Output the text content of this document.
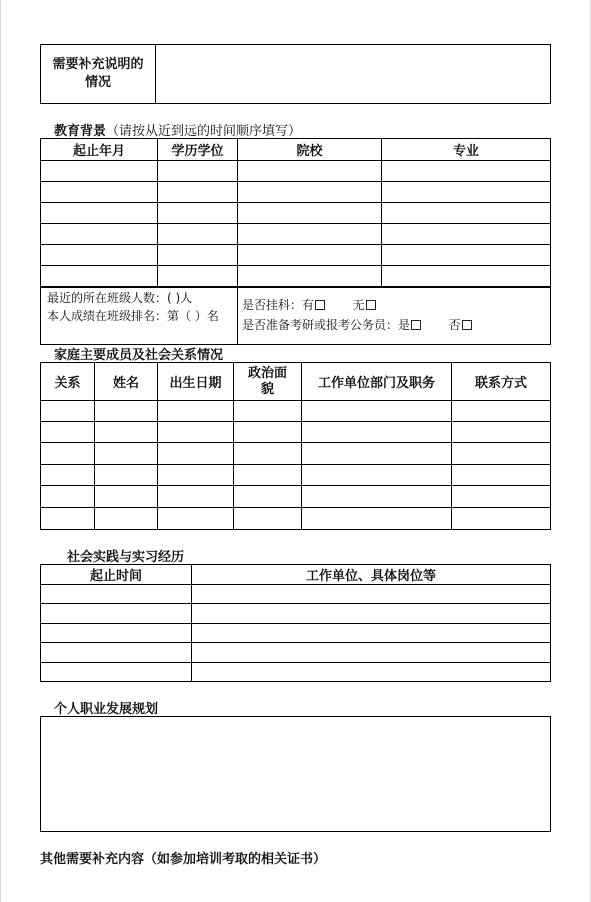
需要补充说明的
情况

教育背景（请按从近到远的时间顺序填写）
起止年月	学历学位	院校	专业

最近的所在班级人数：( )人
本人成绩在班级排名：第（ ）名

是否挂科：有	无
是否准备考研或报考公务员：是	否
家庭主要成员及社会关系情况
关系	姓名	出生日期	政治面貌	工作单位部门及职务	联系方式

社会实践与实习经历
起止时间	工作单位、具体岗位等

个人职业发展规划
其他需要补充内容（如参加培训考取的相关证书）
